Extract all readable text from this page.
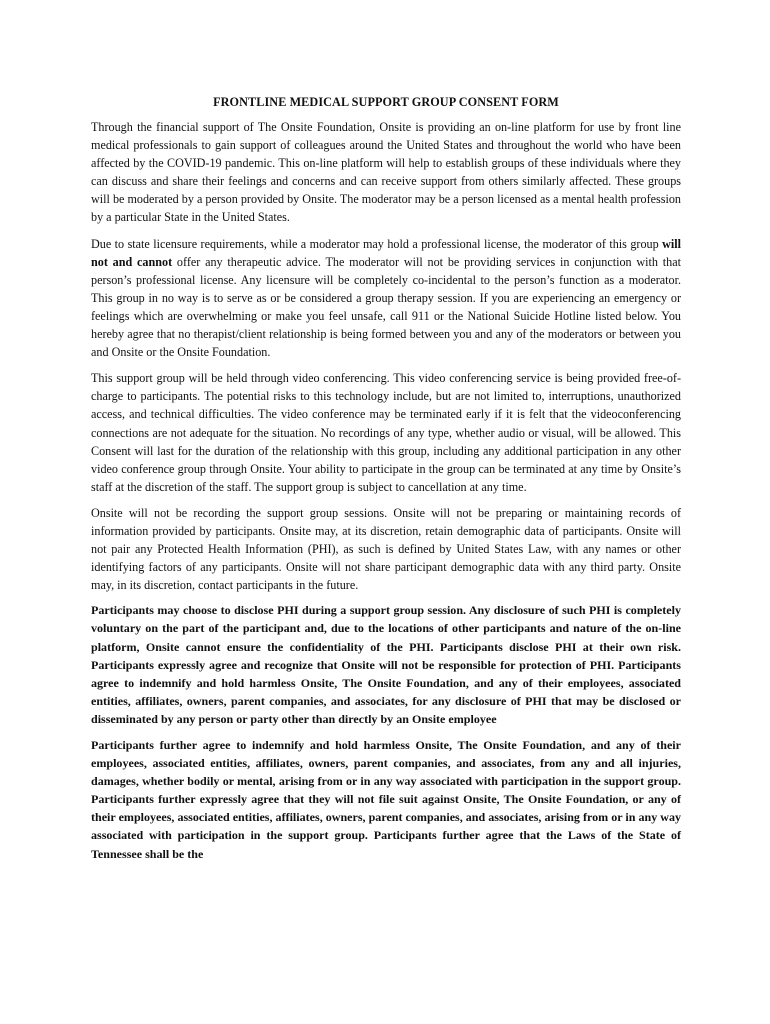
FRONTLINE MEDICAL SUPPORT GROUP CONSENT FORM

Through the financial support of The Onsite Foundation, Onsite is providing an on-line platform for use by front line medical professionals to gain support of colleagues around the United States and throughout the world who have been affected by the COVID-19 pandemic. This on-line platform will help to establish groups of these individuals where they can discuss and share their feelings and concerns and can receive support from others similarly affected. These groups will be moderated by a person provided by Onsite. The moderator may be a person licensed as a mental health profession by a particular State in the United States.

Due to state licensure requirements, while a moderator may hold a professional license, the moderator of this group will not and cannot offer any therapeutic advice. The moderator will not be providing services in conjunction with that person’s professional license. Any licensure will be completely co-incidental to the person’s function as a moderator. This group in no way is to serve as or be considered a group therapy session. If you are experiencing an emergency or feelings which are overwhelming or make you feel unsafe, call 911 or the National Suicide Hotline listed below. You hereby agree that no therapist/client relationship is being formed between you and any of the moderators or between you and Onsite or the Onsite Foundation.

This support group will be held through video conferencing. This video conferencing service is being provided free-of-charge to participants. The potential risks to this technology include, but are not limited to, interruptions, unauthorized access, and technical difficulties. The video conference may be terminated early if it is felt that the videoconferencing connections are not adequate for the situation. No recordings of any type, whether audio or visual, will be allowed. This Consent will last for the duration of the relationship with this group, including any additional participation in any other video conference group through Onsite. Your ability to participate in the group can be terminated at any time by Onsite’s staff at the discretion of the staff. The support group is subject to cancellation at any time.

Onsite will not be recording the support group sessions. Onsite will not be preparing or maintaining records of information provided by participants. Onsite may, at its discretion, retain demographic data of participants. Onsite will not pair any Protected Health Information (PHI), as such is defined by United States Law, with any names or other identifying factors of any participants. Onsite will not share participant demographic data with any third party. Onsite may, in its discretion, contact participants in the future.

Participants may choose to disclose PHI during a support group session. Any disclosure of such PHI is completely voluntary on the part of the participant and, due to the locations of other participants and nature of the on-line platform, Onsite cannot ensure the confidentiality of the PHI. Participants disclose PHI at their own risk. Participants expressly agree and recognize that Onsite will not be responsible for protection of PHI. Participants agree to indemnify and hold harmless Onsite, The Onsite Foundation, and any of their employees, associated entities, affiliates, owners, parent companies, and associates, for any disclosure of PHI that may be disclosed or disseminated by any person or party other than directly by an Onsite employee

Participants further agree to indemnify and hold harmless Onsite, The Onsite Foundation, and any of their employees, associated entities, affiliates, owners, parent companies, and associates, from any and all injuries, damages, whether bodily or mental, arising from or in any way associated with participation in the support group. Participants further expressly agree that they will not file suit against Onsite, The Onsite Foundation, or any of their employees, associated entities, affiliates, owners, parent companies, and associates, arising from or in any way associated with participation in the support group. Participants further agree that the Laws of the State of Tennessee shall be the
